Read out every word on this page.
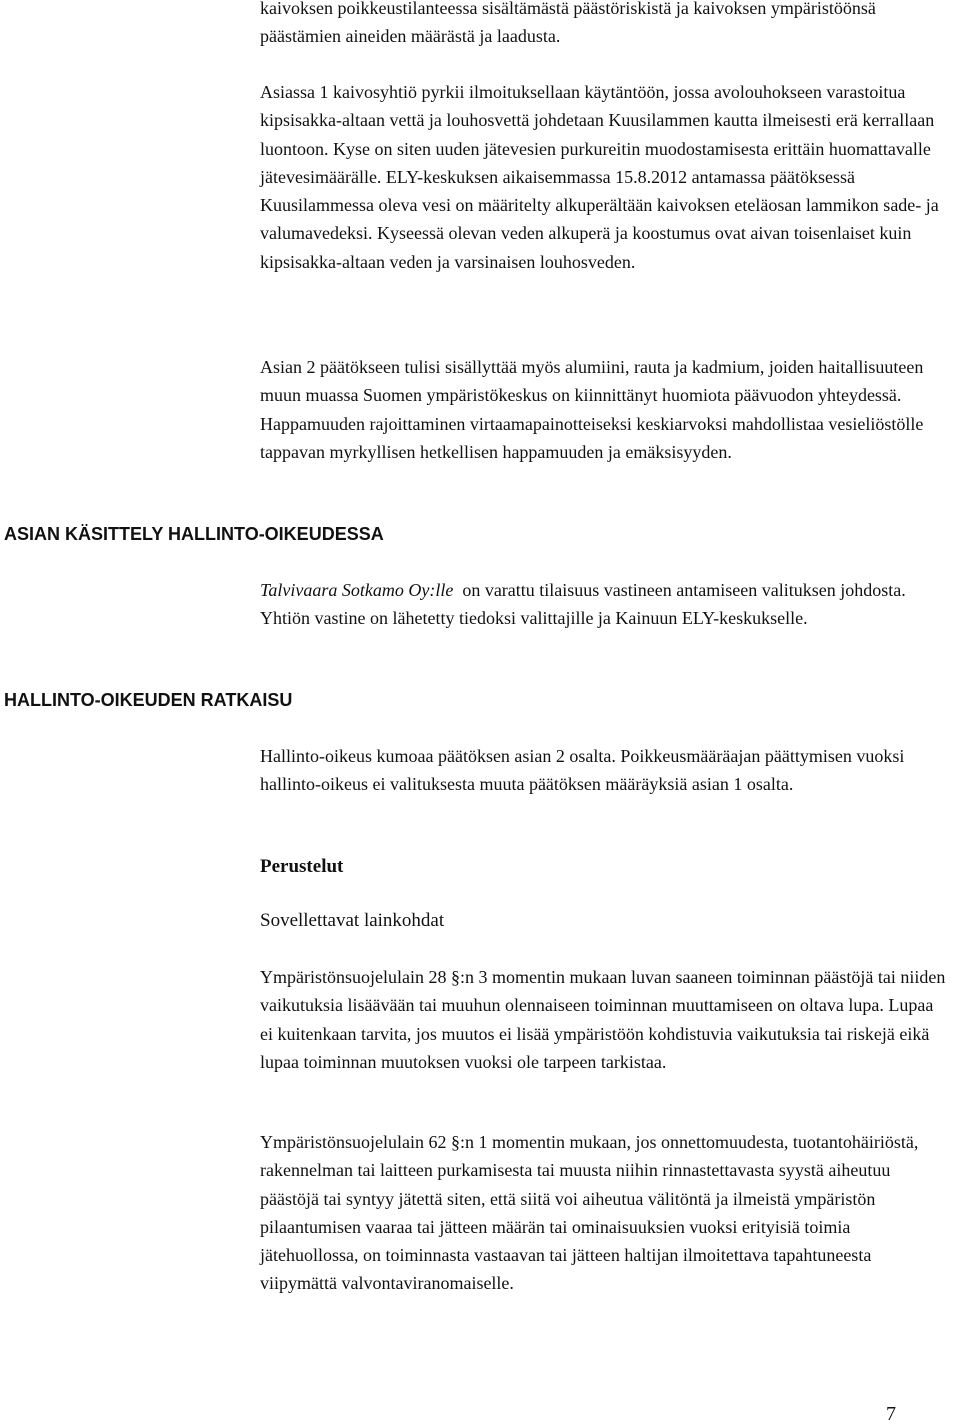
kaivoksen poikkeustilanteessa sisältämästä päästöriskistä ja kaivoksen ympäristöönsä päästämien aineiden määrästä ja laadusta.

Asiassa 1 kaivosyhtiö pyrkii ilmoituksellaan käytäntöön, jossa avolouhokseen varastoitua kipsisakka-altaan vettä ja louhosvettä johdetaan Kuusilammen kautta ilmeisesti erä kerrallaan luontoon. Kyse on siten uuden jätevesien purkureitin muodostamisesta erittäin huomattavalle jätevesimäärälle. ELY-keskuksen aikaisemmassa 15.8.2012 antamassa päätöksessä Kuusilammessa oleva vesi on määritelty alkuperältään kaivoksen eteläosan lammikon sade- ja valumavedeksi. Kyseessä olevan veden alkuperä ja koostumus ovat aivan toisenlaiset kuin kipsisakka-altaan veden ja varsinaisen louhosveden.

Asian 2 päätökseen tulisi sisällyttää myös alumiini, rauta ja kadmium, joiden haitallisuuteen muun muassa Suomen ympäristökeskus on kiinnittänyt huomiota päävuodon yhteydessä. Happamuuden rajoittaminen virtaamapainotteiseksi keskiarvoksi mahdollistaa vesieliöstölle tappavan myrkyllisen hetkellisen happamuuden ja emäksisyyden.

ASIAN KÄSITTELY HALLINTO-OIKEUDESSA

Talvivaara Sotkamo Oy:lle  on varattu tilaisuus vastineen antamiseen valituksen johdosta. Yhtiön vastine on lähetetty tiedoksi valittajille ja Kainuun ELY-keskukselle.

HALLINTO-OIKEUDEN RATKAISU

Hallinto-oikeus kumoaa päätöksen asian 2 osalta. Poikkeusmääräajan päättymisen vuoksi hallinto-oikeus ei valituksesta muuta päätöksen määräyksiä asian 1 osalta.

Perustelut

Sovellettavat lainkohdat

Ympäristönsuojelulain 28 §:n 3 momentin mukaan luvan saaneen toiminnan päästöjä tai niiden vaikutuksia lisäävään tai muuhun olennaiseen toiminnan muuttamiseen on oltava lupa. Lupaa ei kuitenkaan tarvita, jos muutos ei lisää ympäristöön kohdistuvia vaikutuksia tai riskejä eikä lupaa toiminnan muutoksen vuoksi ole tarpeen tarkistaa.

Ympäristönsuojelulain 62 §:n 1 momentin mukaan, jos onnettomuudesta, tuotantohäiriöstä, rakennelman tai laitteen purkamisesta tai muusta niihin rinnastettavasta syystä aiheutuu päästöjä tai syntyy jätettä siten, että siitä voi aiheutua välitöntä ja ilmeistä ympäristön pilaantumisen vaaraa tai jätteen määrän tai ominaisuuksien vuoksi erityisiä toimia jätehuollossa, on toiminnasta vastaavan tai jätteen haltijan ilmoitettava tapahtuneesta viipymättä valvontaviranomaiselle.

7
